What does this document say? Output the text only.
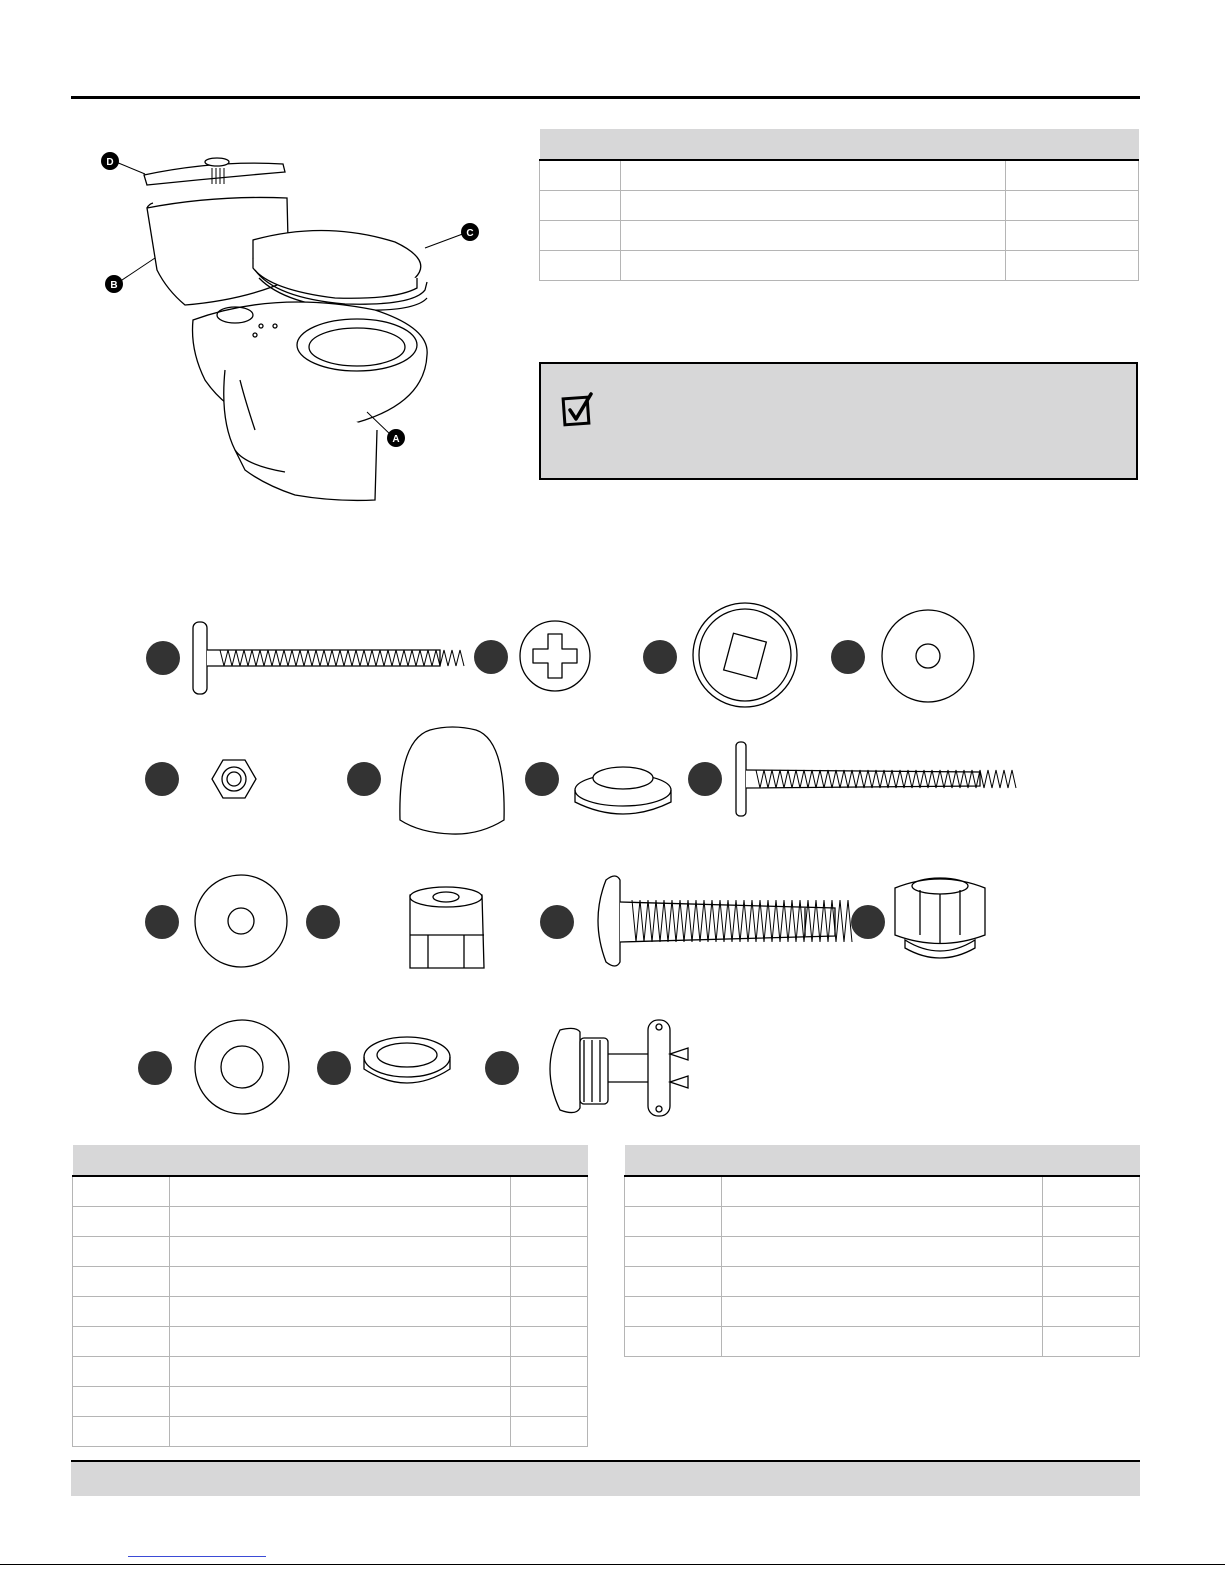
D
B
C
A
